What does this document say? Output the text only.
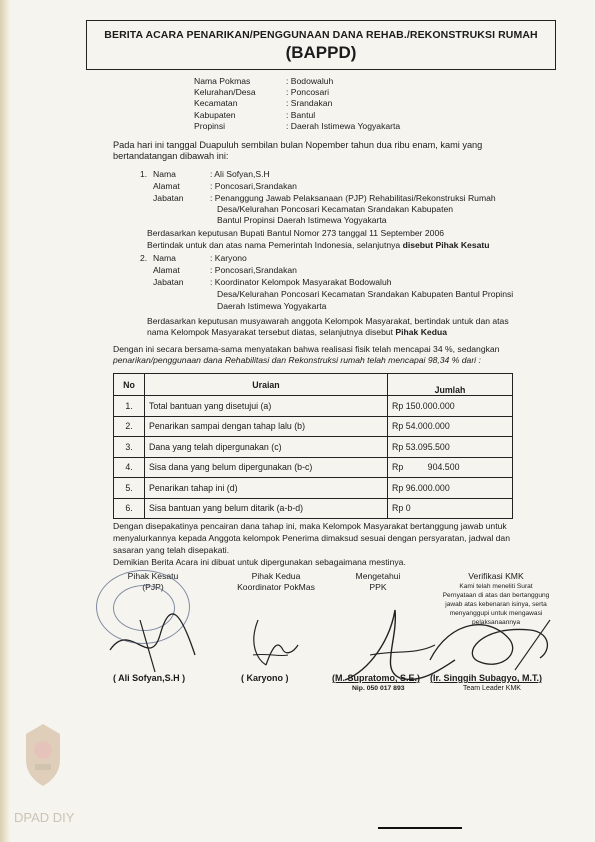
BERITA ACARA PENARIKAN/PENGGUNAAN DANA REHAB./REKONSTRUKSI RUMAH
(BAPPD)
Nama Pokmas	: Bodowaluh
Kelurahan/Desa	: Poncosari
Kecamatan	: Srandakan
Kabupaten	: Bantul
Propinsi	: Daerah Istimewa Yogyakarta
Pada hari ini tanggal Duapuluh sembilan bulan Nopember tahun dua ribu enam, kami yang
bertandatangan dibawah ini:
1. Nama	: Ali Sofyan,S.H
Alamat	: Poncosari,Srandakan
Jabatan	: Penanggung Jawab Pelaksanaan (PJP) Rehabilitasi/Rekonstruksi Rumah
Desa/Kelurahan Poncosari Kecamatan Srandakan Kabupaten
Bantul Propinsi Daerah Istimewa Yogyakarta
Berdasarkan keputusan Bupati Bantul Nomor 273 tanggal 11 September 2006
Bertindak untuk dan atas nama Pemerintah Indonesia, selanjutnya disebut Pihak Kesatu
2. Nama	: Karyono
Alamat	: Poncosari,Srandakan
Jabatan	: Koordinator Kelompok Masyarakat Bodowaluh
Desa/Kelurahan Poncosari Kecamatan Srandakan Kabupaten Bantul Propinsi
Daerah Istimewa Yogyakarta
Berdasarkan keputusan musyawarah anggota Kelompok Masyarakat, bertindak untuk dan atas
nama Kelompok Masyarakat tersebut diatas, selanjutnya disebut Pihak Kedua
Dengan ini secara bersama-sama menyatakan bahwa realisasi fisik telah mencapai 34 %, sedangkan
penarikan/penggunaan dana Rehabilitasi dan Rekonstruksi rumah telah mencapai 98,34 % dari :
No	Uraian	Jumlah
1.	Total bantuan yang disetujui (a)	Rp 150.000.000
2.	Penarikan sampai dengan tahap lalu (b)	Rp 54.000.000
3.	Dana yang telah dipergunakan (c)	Rp 53.095.500
4.	Sisa dana yang belum dipergunakan (b-c)	Rp          904.500
5.	Penarikan tahap ini (d)	Rp 96.000.000
6.	Sisa bantuan yang belum ditarik (a-b-d)	Rp 0
Dengan disepakatinya pencairan dana tahap ini, maka Kelompok Masyarakat bertanggung jawab untuk
menyalurkannya kepada Anggota kelompok Penerima dimaksud sesuai dengan persyaratan, jadwal dan
sasaran yang telah disepakati.
Demikian Berita Acara ini dibuat untuk dipergunakan sebagaimana mestinya.
Pihak Kesatu
(PJP)
Pihak Kedua
Koordinator PokMas
Mengetahui
PPK
Verifikasi KMK
Kami telah meneliti Surat
Pernyataan di atas dan bertanggung
jawab atas kebenaran isinya, serta
menyanggupi untuk mengawasi
pelaksanaannya
( Ali Sofyan,S.H )	( Karyono )	(M. Supratomo, S.E.)
Nip. 050 017 893
(Ir. Singgih Subagyo, M.T.)
Team Leader KMK
DPAD DIY
